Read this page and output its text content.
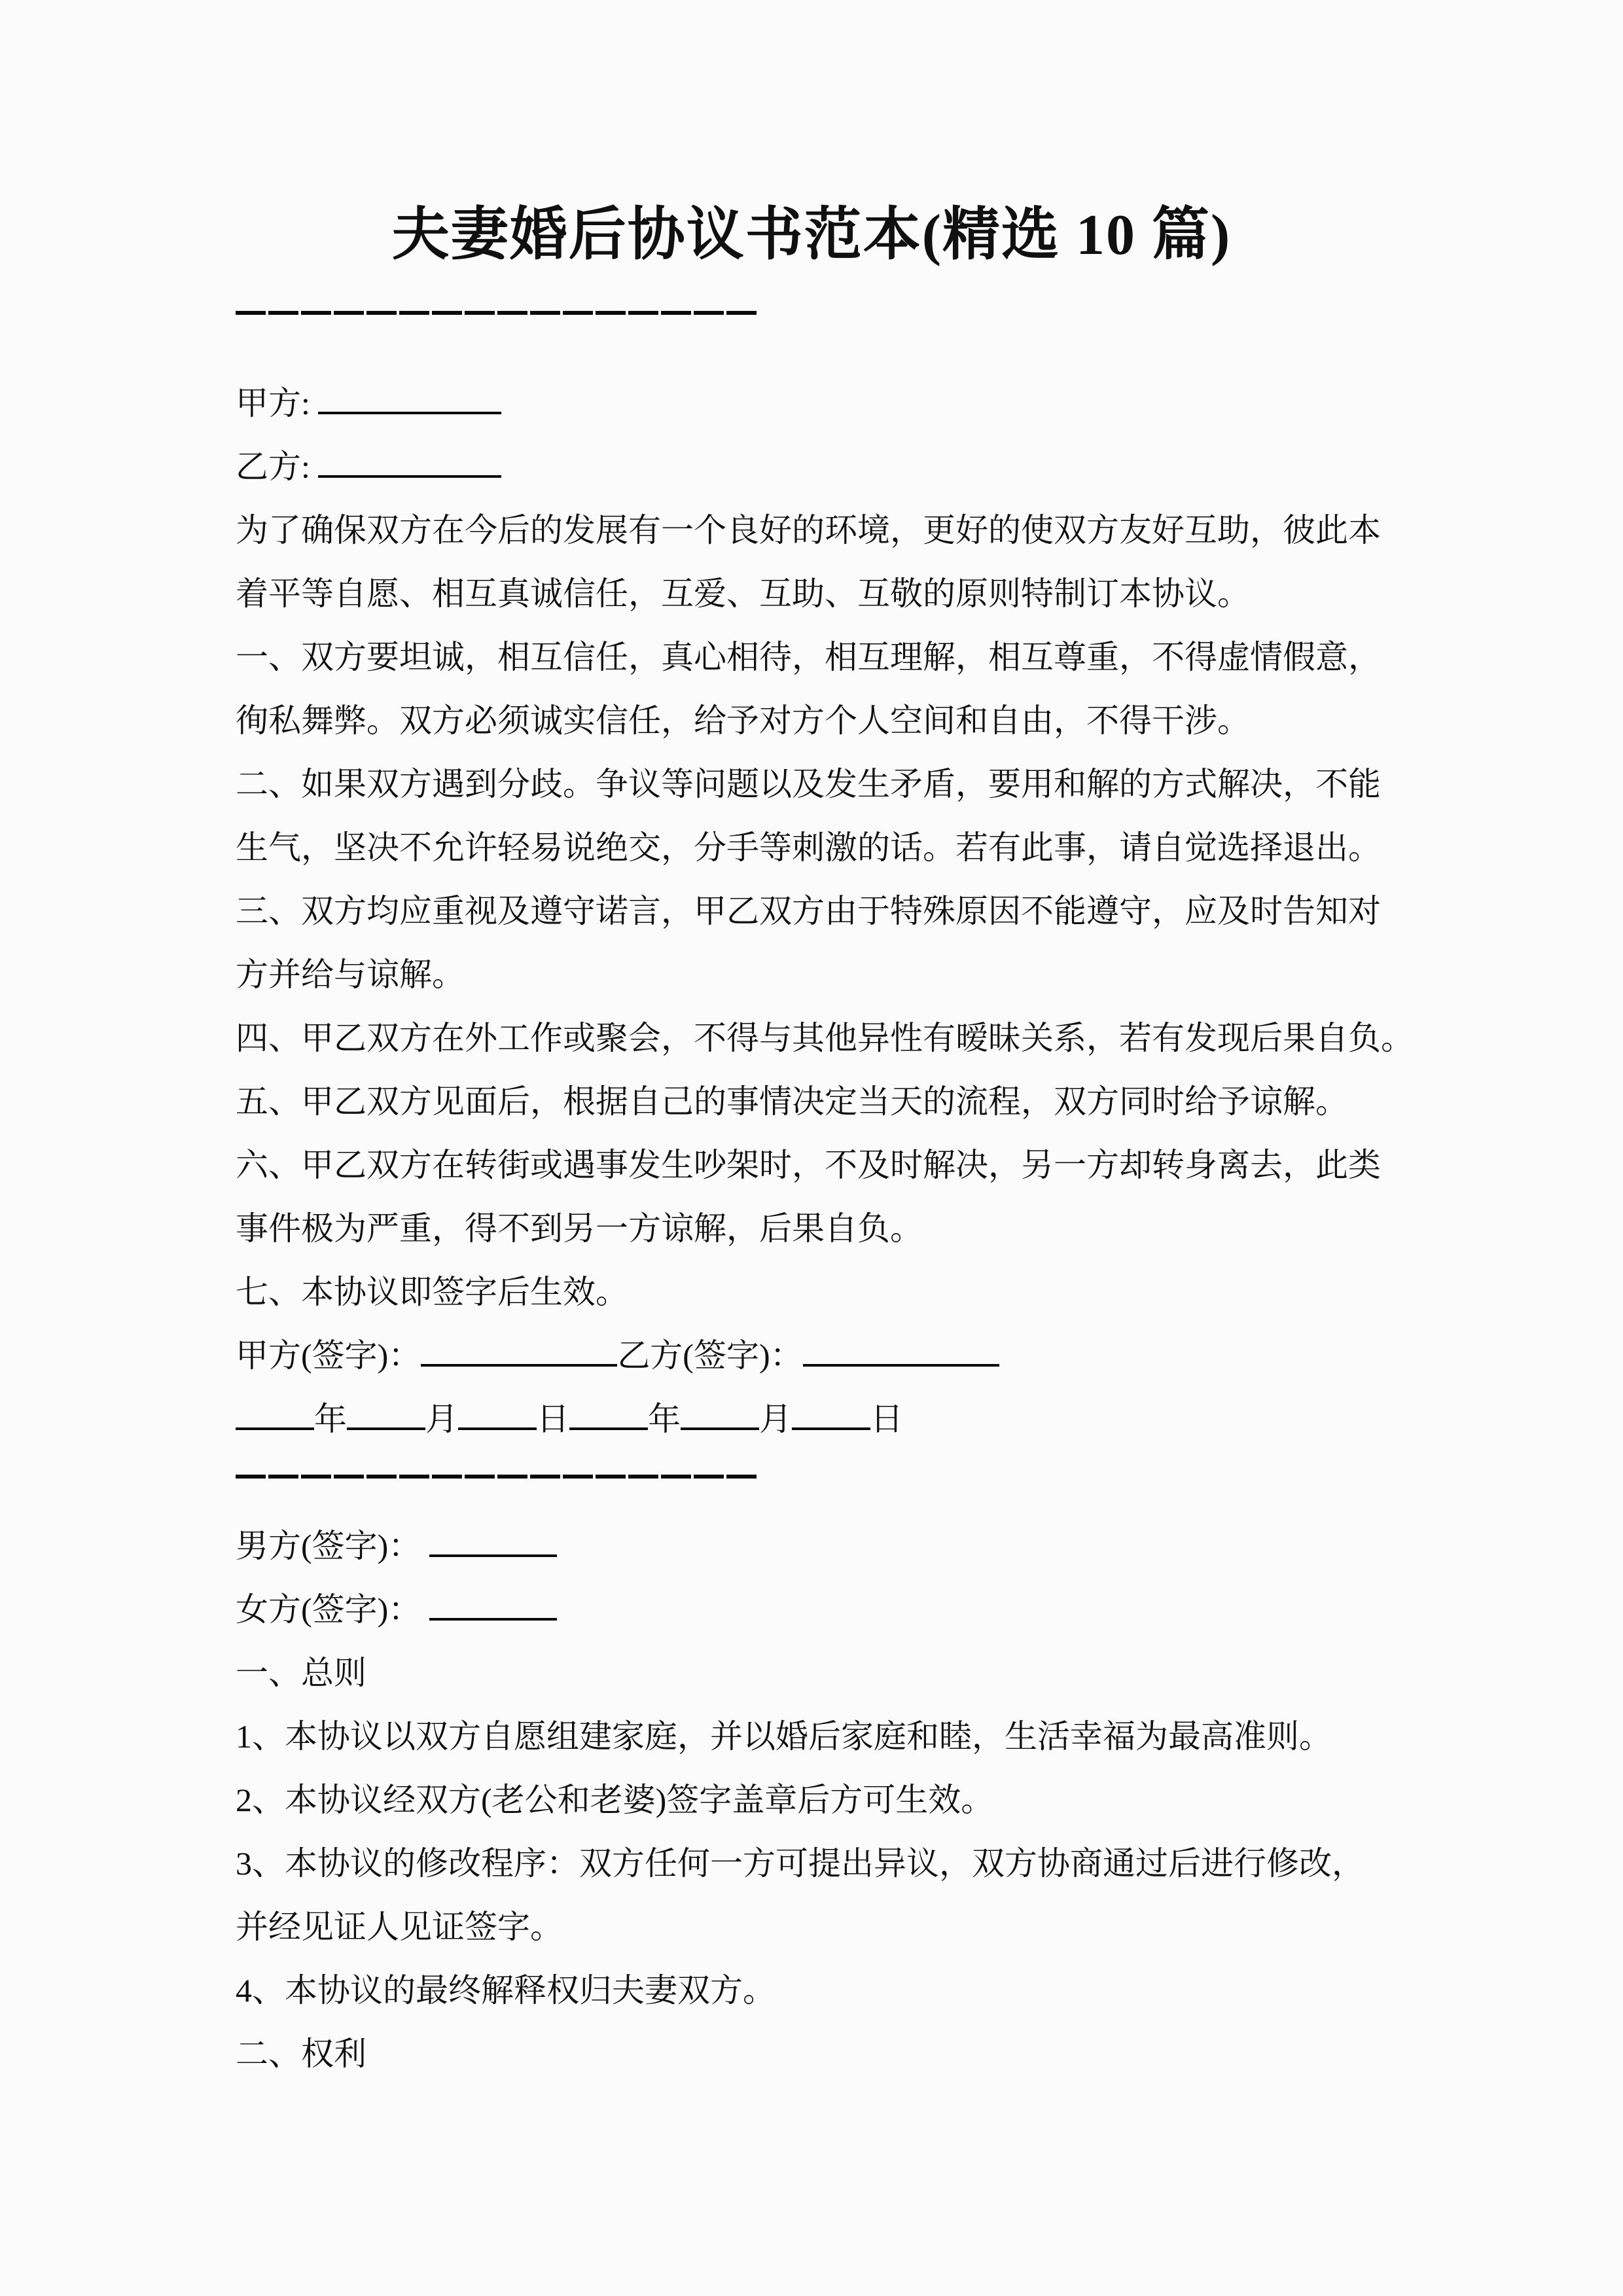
夫妻婚后协议书范本(精选 10 篇)
甲方:
乙方:
为了确保双方在今后的发展有一个良好的环境，更好的使双方友好互助，彼此本
着平等自愿、相互真诚信任，互爱、互助、互敬的原则特制订本协议。
一、双方要坦诚，相互信任，真心相待，相互理解，相互尊重，不得虚情假意，
徇私舞弊。双方必须诚实信任，给予对方个人空间和自由，不得干涉。
二、如果双方遇到分歧。争议等问题以及发生矛盾，要用和解的方式解决，不能
生气，坚决不允许轻易说绝交，分手等刺激的话。若有此事，请自觉选择退出。
三、双方均应重视及遵守诺言，甲乙双方由于特殊原因不能遵守，应及时告知对
方并给与谅解。
四、甲乙双方在外工作或聚会，不得与其他异性有暧昧关系，若有发现后果自负。
五、甲乙双方见面后，根据自己的事情决定当天的流程，双方同时给予谅解。
六、甲乙双方在转街或遇事发生吵架时，不及时解决，另一方却转身离去，此类
事件极为严重，得不到另一方谅解，后果自负。
七、本协议即签字后生效。
甲方(签字)：	乙方(签字)：
年 月 日 年 月 日
男方(签字)：
女方(签字)：
一、总则
1、本协议以双方自愿组建家庭，并以婚后家庭和睦，生活幸福为最高准则。
2、本协议经双方(老公和老婆)签字盖章后方可生效。
3、本协议的修改程序：双方任何一方可提出异议，双方协商通过后进行修改，
并经见证人见证签字。
4、本协议的最终解释权归夫妻双方。
二、权利
